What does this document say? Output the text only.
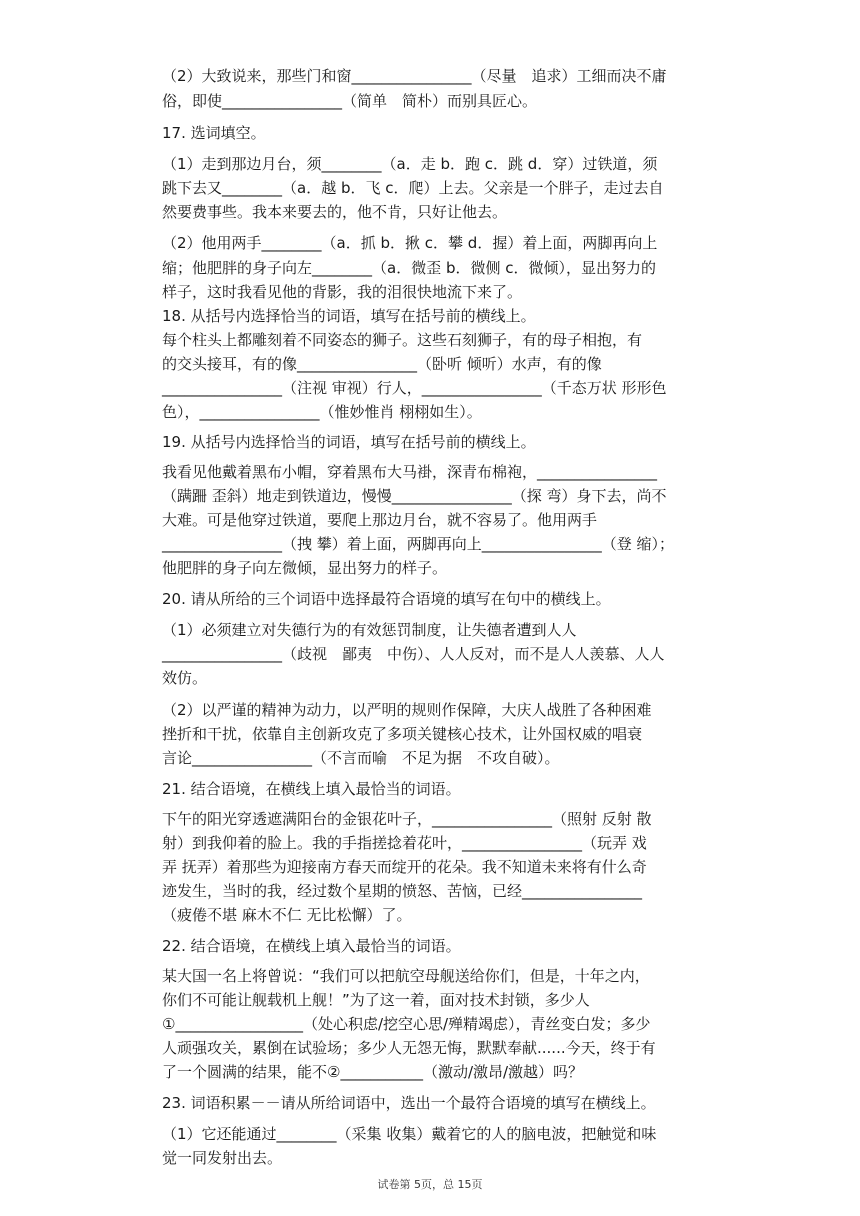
（2）大致说来，那些门和窗________________（尽量　追求）工细而决不庸
俗，即使________________（简单　简朴）而别具匠心。
17. 选词填空。
（1）走到那边月台，须________（a．走 b．跑 c．跳 d．穿）过铁道，须
跳下去又________（a．越 b．飞 c．爬）上去。父亲是一个胖子，走过去自
然要费事些。我本来要去的，他不肯，只好让他去。
（2）他用两手________（a．抓 b．揪 c．攀 d．握）着上面，两脚再向上
缩；他肥胖的身子向左________（a．微歪 b．微侧 c．微倾），显出努力的
样子，这时我看见他的背影，我的泪很快地流下来了。
18. 从括号内选择恰当的词语，填写在括号前的横线上。
每个柱头上都雕刻着不同姿态的狮子。这些石刻狮子，有的母子相抱，有
的交头接耳，有的像________________（卧听 倾听）水声，有的像
________________（注视 审视）行人，________________（千态万状 形形色
色），________________（惟妙惟肖 栩栩如生）。
19. 从括号内选择恰当的词语，填写在括号前的横线上。
我看见他戴着黑布小帽，穿着黑布大马褂，深青布棉袍，________________
（蹒跚 歪斜）地走到铁道边，慢慢________________（探 弯）身下去，尚不
大难。可是他穿过铁道，要爬上那边月台，就不容易了。他用两手
________________（拽 攀）着上面，两脚再向上________________（登 缩）；
他肥胖的身子向左微倾，显出努力的样子。
20. 请从所给的三个词语中选择最符合语境的填写在句中的横线上。
（1）必须建立对失德行为的有效惩罚制度，让失德者遭到人人
________________（歧视　鄙夷　中伤）、人人反对，而不是人人羡慕、人人
效仿。
（2）以严谨的精神为动力，以严明的规则作保障，大庆人战胜了各种困难
挫折和干扰，依靠自主创新攻克了多项关键核心技术，让外国权威的唱衰
言论________________（不言而喻　不足为据　不攻自破）。
21. 结合语境，在横线上填入最恰当的词语。
下午的阳光穿透遮满阳台的金银花叶子，________________（照射 反射 散
射）到我仰着的脸上。我的手指搓捻着花叶，________________（玩弄 戏
弄 抚弄）着那些为迎接南方春天而绽开的花朵。我不知道未来将有什么奇
迹发生，当时的我，经过数个星期的愤怒、苦恼，已经________________
（疲倦不堪 麻木不仁 无比松懈）了。
22. 结合语境，在横线上填入最恰当的词语。
某大国一名上将曾说：“我们可以把航空母舰送给你们，但是，十年之内，
你们不可能让舰载机上舰！”为了这一着，面对技术封锁，多少人
①_________________（处心积虑/挖空心思/殚精竭虑），青丝变白发；多少
人顽强攻关，累倒在试验场；多少人无怨无悔，默默奉献......今天，终于有
了一个圆满的结果，能不②___________（激动/激昂/激越）吗？
23. 词语积累－－请从所给词语中，选出一个最符合语境的填写在横线上。
（1）它还能通过________（采集 收集）戴着它的人的脑电波，把触觉和味
觉一同发射出去。
试卷第 5页，总 15页
